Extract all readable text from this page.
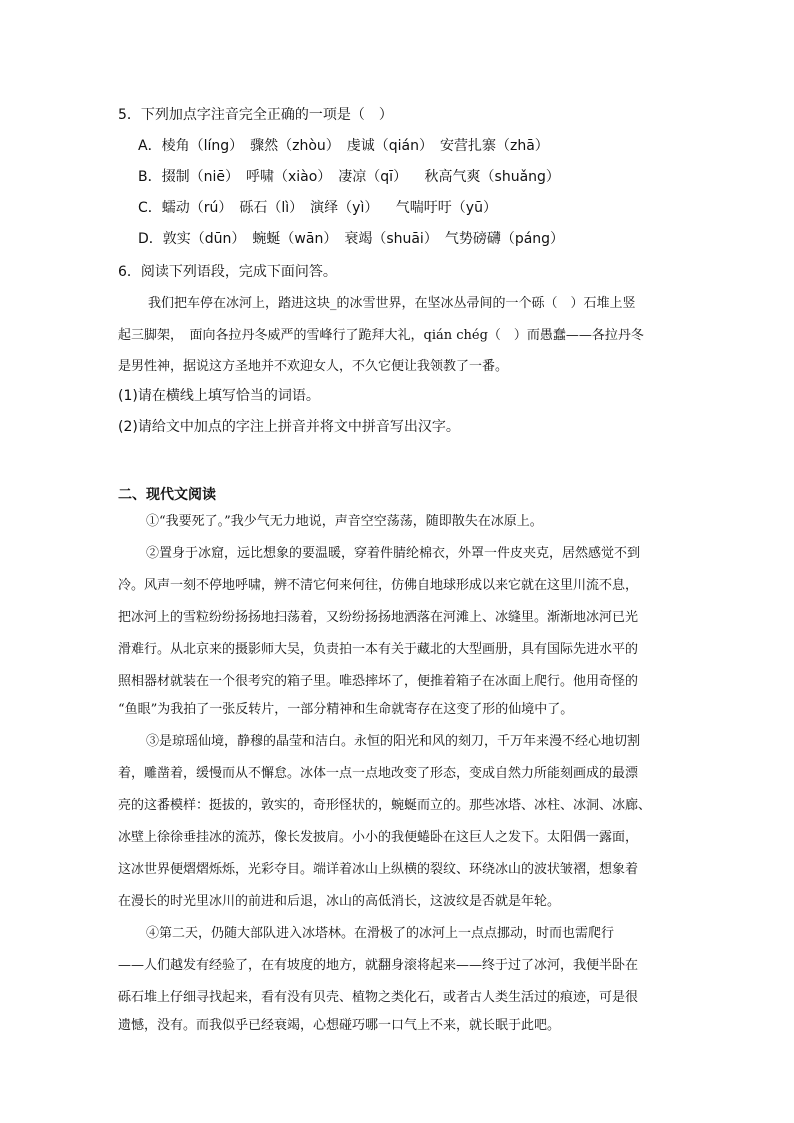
5．下列加点字注音完全正确的一项是（　）
A．棱角（líng）　骤然（zhòu）　虔诚（qián）　安营扎寨（zhā）
B．掇制（niē）　呼啸（xiào）　凄凉（qī）　 秋高气爽（shuǎng）
C．蠕动（rú）　砾石（lì）　演绎（yì）　 气喘吁吁（yū）
D．敦实（dūn）　蜿蜒（wān）　衰竭（shuāi）　气势磅礴（páng）
6．阅读下列语段，完成下面问答。
我们把车停在冰河上，踏进这块_的冰雪世界，在坚冰丛帚间的一个砾（　）石堆上竖
起三脚架，　面向各拉丹冬威严的雪峰行了跪拜大礼，qián chég（　）而愚蠢——各拉丹冬
是男性神，据说这方圣地并不欢迎女人，不久它便让我领教了一番。
(1)请在横线上填写恰当的词语。
(2)请给文中加点的字注上拼音并将文中拼音写出汉字。
二、现代文阅读
①“我要死了。”我少气无力地说，声音空空荡荡，随即散失在冰原上。
②置身于冰窟，远比想象的要温暖，穿着件腈纶棉衣，外罩一件皮夹克，居然感觉不到
冷。风声一刻不停地呼啸，辨不清它何来何往，仿佛自地球形成以来它就在这里川流不息，
把冰河上的雪粒纷纷扬扬地扫荡着，又纷纷扬扬地洒落在河滩上、冰缝里。渐渐地冰河已光
滑难行。从北京来的摄影师大吴，负责拍一本有关于藏北的大型画册，具有国际先进水平的
照相器材就装在一个很考究的箱子里。唯恐摔坏了，便推着箱子在冰面上爬行。他用奇怪的
“鱼眼”为我拍了一张反转片，一部分精神和生命就寄存在这变了形的仙境中了。
③是琼瑶仙境，静穆的晶莹和洁白。永恒的阳光和风的刻刀，千万年来漫不经心地切割
着，雕凿着，缓慢而从不懈怠。冰体一点一点地改变了形态，变成自然力所能刻画成的最漂
亮的这番模样：挺拔的，敦实的，奇形怪状的，蜿蜒而立的。那些冰塔、冰柱、冰洞、冰廊、
冰壁上徐徐垂挂冰的流苏，像长发披肩。小小的我便蜷卧在这巨人之发下。太阳偶一露面，
这冰世界便熠熠烁烁，光彩夺目。端详着冰山上纵横的裂纹、环绕冰山的波状皱褶，想象着
在漫长的时光里冰川的前进和后退，冰山的高低消长，这波纹是否就是年轮。
④第二天，仍随大部队进入冰塔林。在滑极了的冰河上一点点挪动，时而也需爬行
——人们越发有经验了，在有坡度的地方，就翻身滚将起来——终于过了冰河，我便半卧在
砾石堆上仔细寻找起来，看有没有贝壳、植物之类化石，或者古人类生活过的痕迹，可是很
遗憾，没有。而我似乎已经衰竭，心想碰巧哪一口气上不来，就长眠于此吧。
